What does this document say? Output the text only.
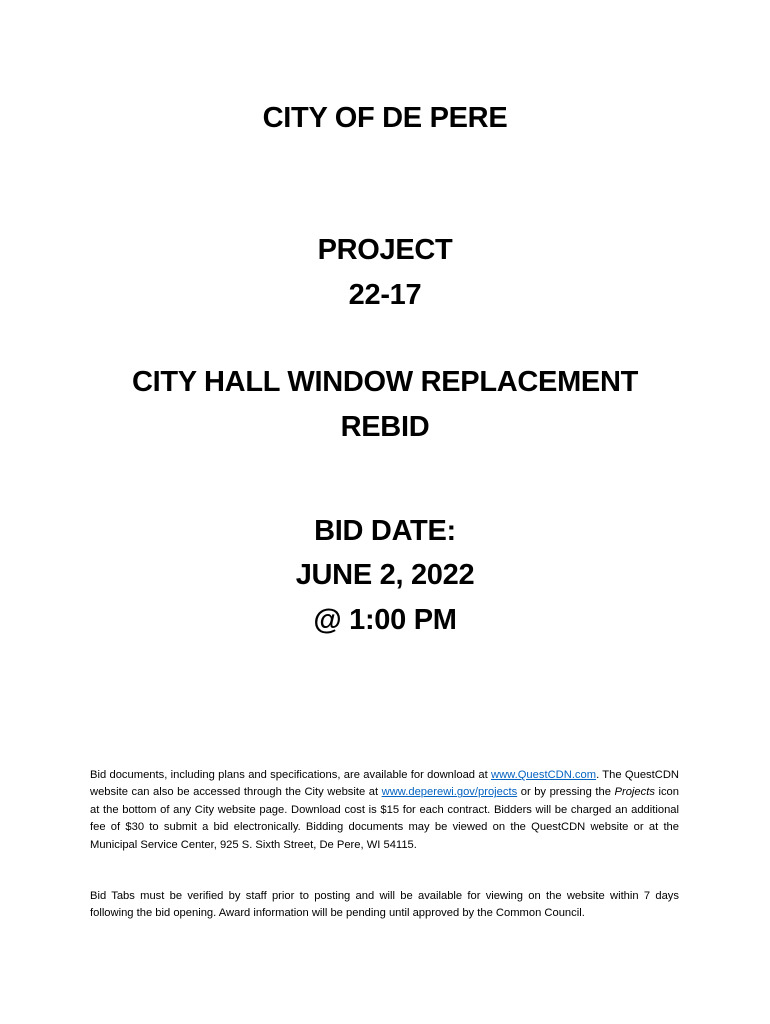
CITY OF DE PERE
PROJECT
22-17
CITY HALL WINDOW REPLACEMENT
REBID
BID DATE:
JUNE 2, 2022
@ 1:00 PM

Bid documents, including plans and specifications, are available for download at www.QuestCDN.com. The QuestCDN website can also be accessed through the City website at www.deperewi.gov/projects or by pressing the Projects icon at the bottom of any City website page. Download cost is $15 for each contract. Bidders will be charged an additional fee of $30 to submit a bid electronically. Bidding documents may be viewed on the QuestCDN website or at the Municipal Service Center, 925 S. Sixth Street, De Pere, WI 54115.

Bid Tabs must be verified by staff prior to posting and will be available for viewing on the website within 7 days following the bid opening. Award information will be pending until approved by the Common Council.
